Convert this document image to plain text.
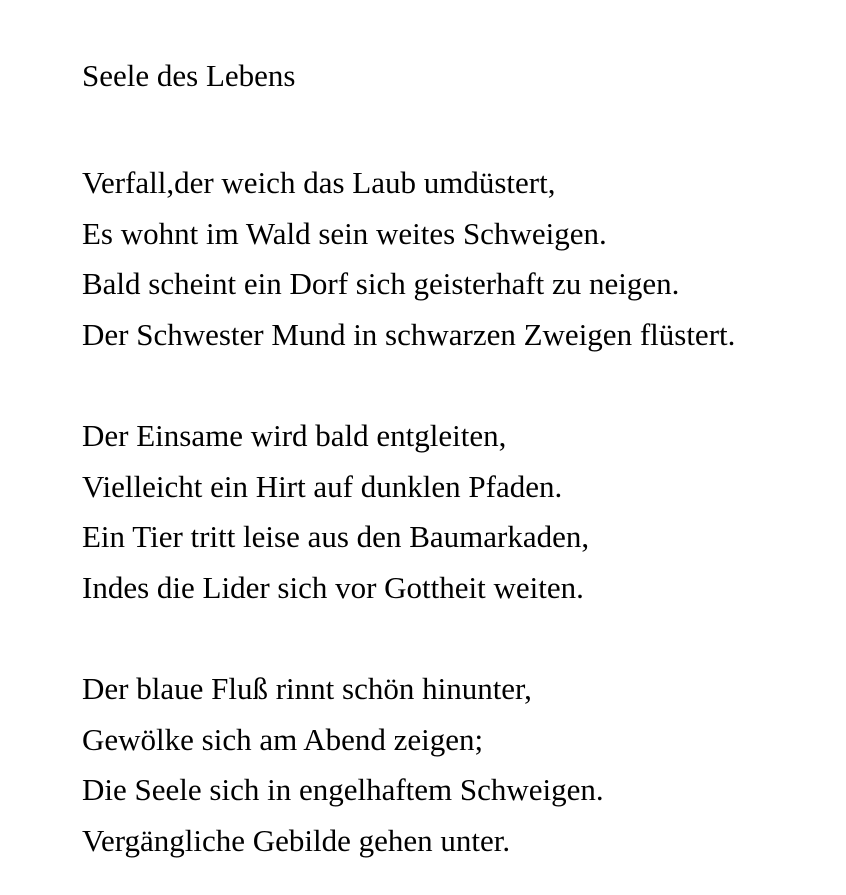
Seele des Lebens
Verfall,der weich das Laub umdüstert,
Es wohnt im Wald sein weites Schweigen.
Bald scheint ein Dorf sich geisterhaft zu neigen.
Der Schwester Mund in schwarzen Zweigen flüstert.
Der Einsame wird bald entgleiten,
Vielleicht ein Hirt auf dunklen Pfaden.
Ein Tier tritt leise aus den Baumarkaden,
Indes die Lider sich vor Gottheit weiten.
Der blaue Fluß rinnt schön hinunter,
Gewölke sich am Abend zeigen;
Die Seele sich in engelhaftem Schweigen.
Vergängliche Gebilde gehen unter.
